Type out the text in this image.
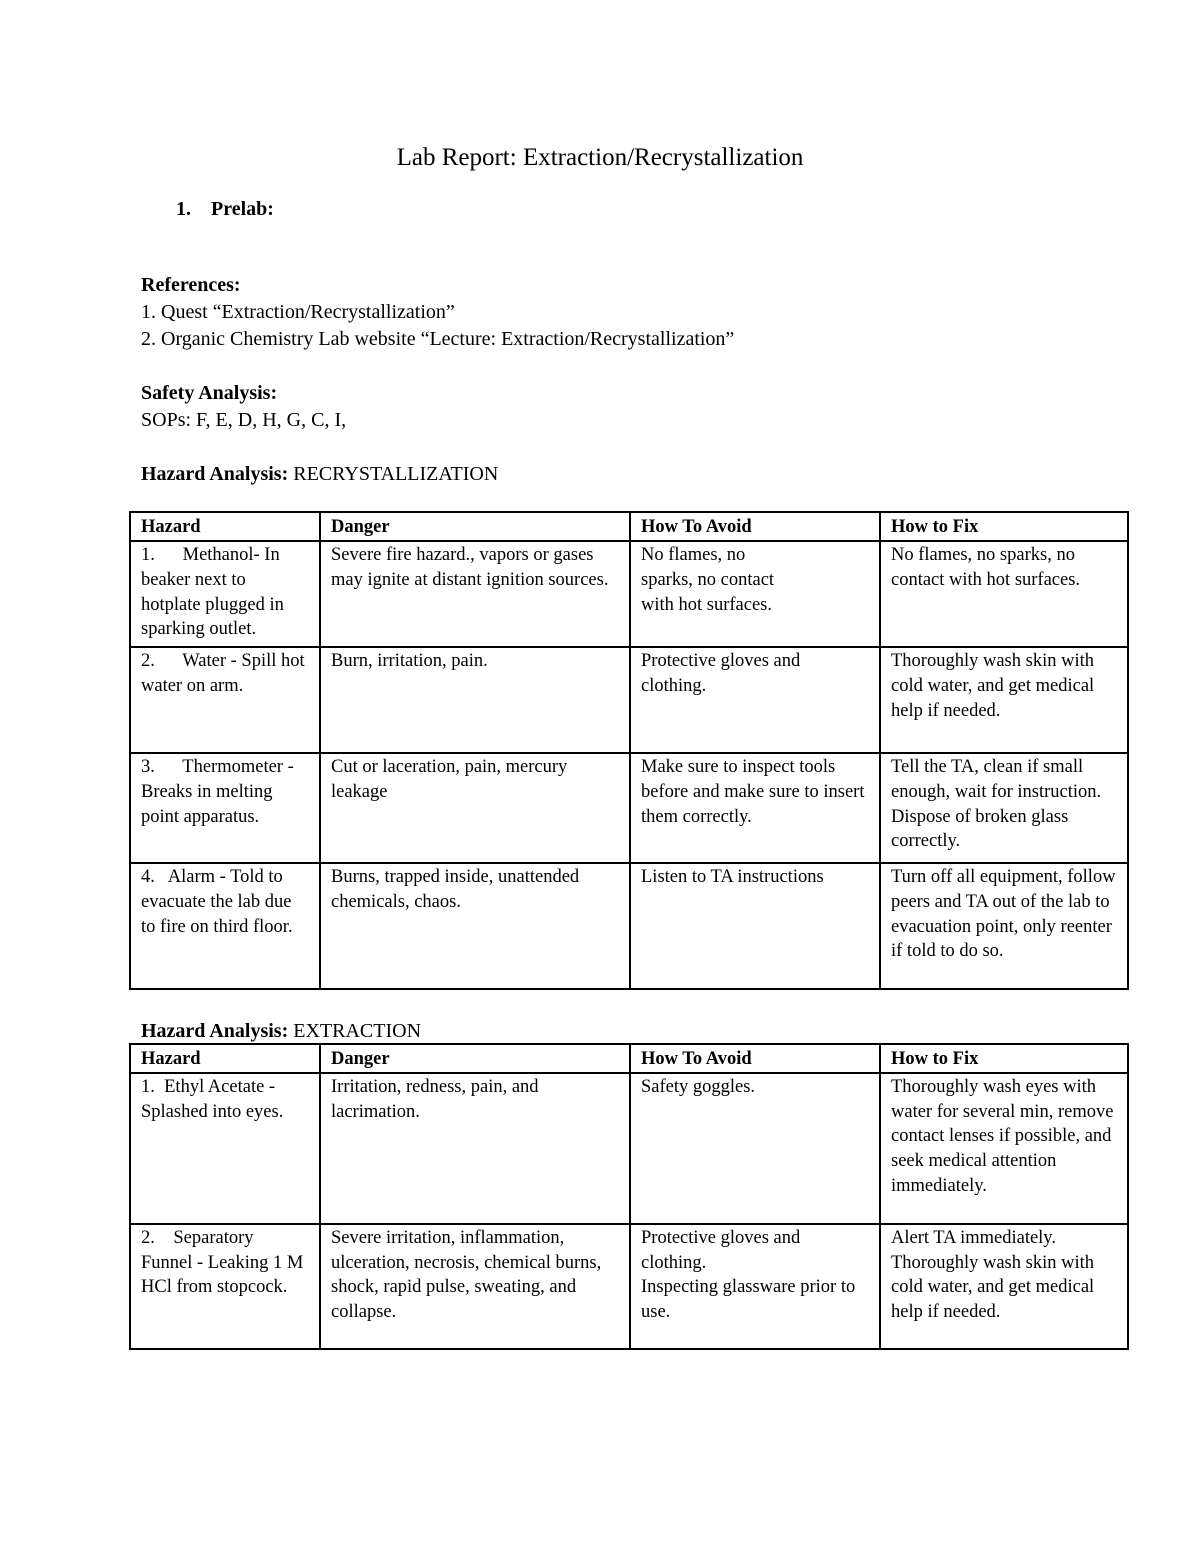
Lab Report: Extraction/Recrystallization
1. Prelab:
References:
1. Quest “Extraction/Recrystallization”
2. Organic Chemistry Lab website “Lecture: Extraction/Recrystallization”
Safety Analysis:
SOPs: F, E, D, H, G, C, I,
Hazard Analysis: RECRYSTALLIZATION
Hazard	Danger	How To Avoid	How to Fix
1.      Methanol- In beaker next to hotplate plugged in sparking outlet.	Severe fire hazard., vapors or gases may ignite at distant ignition sources.	No flames, no
sparks, no contact
with hot surfaces.	No flames, no sparks, no contact with hot surfaces.
2.      Water - Spill hot water on arm.	Burn, irritation, pain.	Protective gloves and clothing.	Thoroughly wash skin with cold water, and get medical help if needed.
3.      Thermometer - Breaks in melting point apparatus.	Cut or laceration, pain, mercury leakage	Make sure to inspect tools before and make sure to insert them correctly.	Tell the TA, clean if small enough, wait for instruction. Dispose of broken glass correctly.
4.   Alarm - Told to evacuate the lab due to fire on third floor.	Burns, trapped inside, unattended chemicals, chaos.	Listen to TA instructions	Turn off all equipment, follow peers and TA out of the lab to evacuation point, only reenter if told to do so.
Hazard Analysis: EXTRACTION
Hazard	Danger	How To Avoid	How to Fix
1.  Ethyl Acetate - Splashed into eyes.	Irritation, redness, pain, and lacrimation.	Safety goggles.	Thoroughly wash eyes with water for several min, remove contact lenses if possible, and seek medical attention immediately.

2.    Separatory Funnel - Leaking 1 M HCl from stopcock.	Severe irritation, inflammation, ulceration, necrosis, chemical burns, shock, rapid pulse, sweating, and collapse.	Protective gloves and clothing.
Inspecting glassware prior to use.	Alert TA immediately.
Thoroughly wash skin with cold water, and get medical help if needed.
